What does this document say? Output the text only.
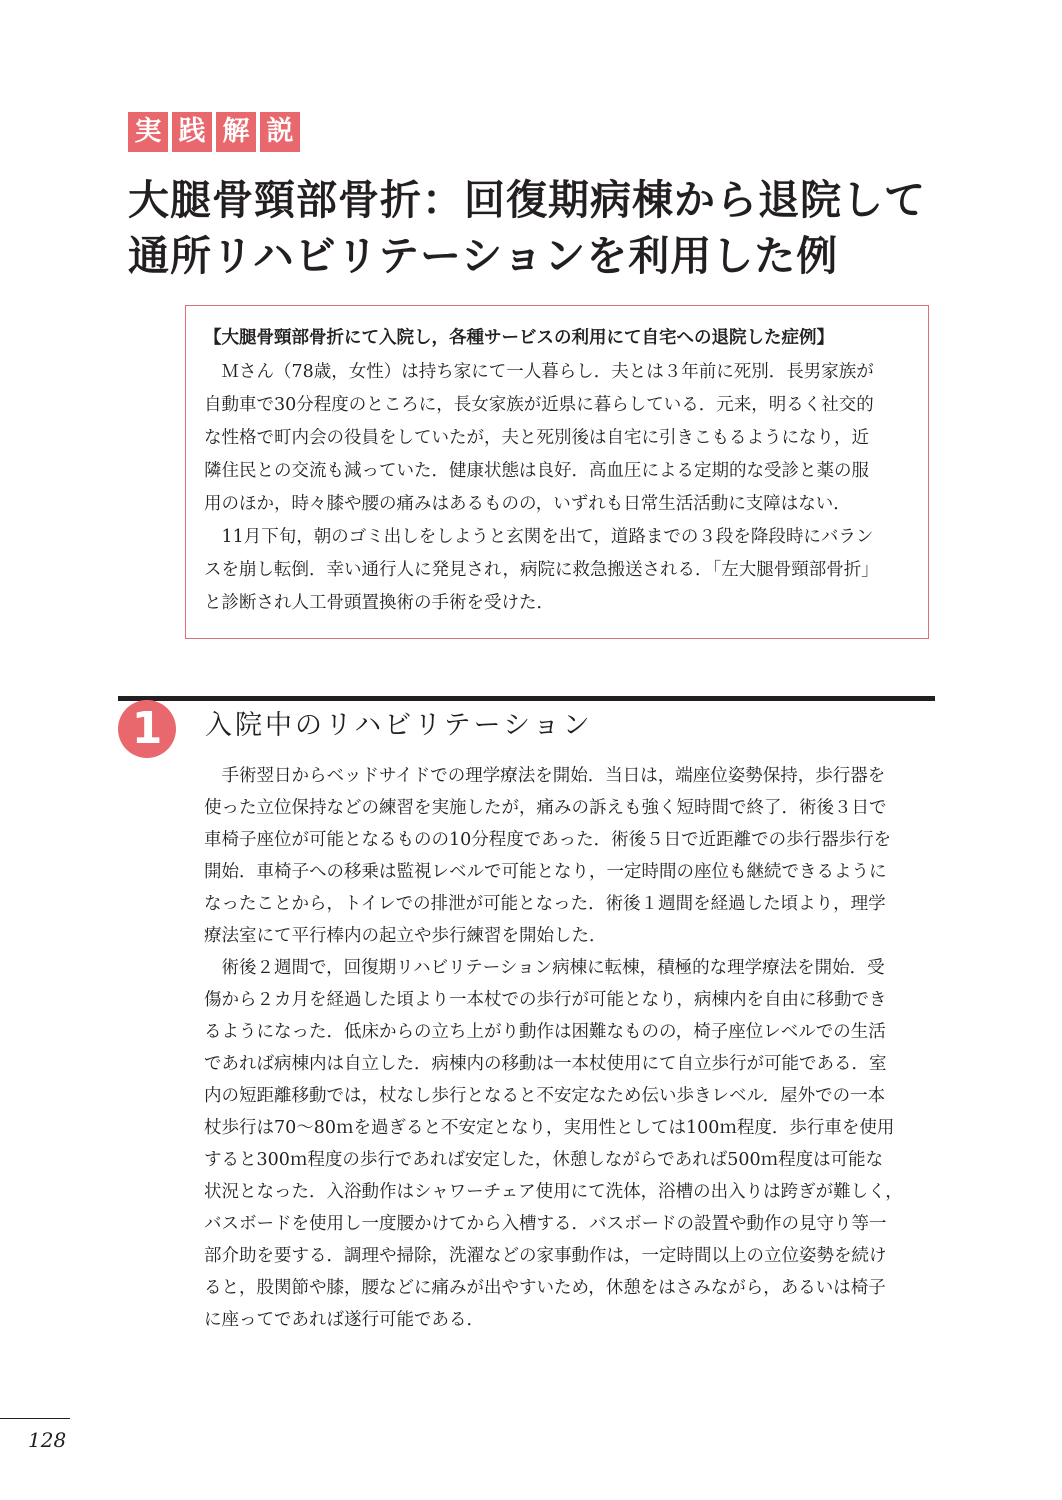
実 践 解 説
大腿骨頸部骨折：回復期病棟から退院して
通所リハビリテーションを利用した例
【大腿骨頸部骨折にて入院し，各種サービスの利用にて自宅への退院した症例】
　Ｍさん（78歳，女性）は持ち家にて一人暮らし．夫とは３年前に死別．長男家族が
自動車で30分程度のところに，長女家族が近県に暮らしている．元来，明るく社交的
な性格で町内会の役員をしていたが，夫と死別後は自宅に引きこもるようになり，近
隣住民との交流も減っていた．健康状態は良好．高血圧による定期的な受診と薬の服
用のほか，時々膝や腰の痛みはあるものの，いずれも日常生活活動に支障はない．
　11月下旬，朝のゴミ出しをしようと玄関を出て，道路までの３段を降段時にバラン
スを崩し転倒．幸い通行人に発見され，病院に救急搬送される．「左大腿骨頸部骨折」
と診断され人工骨頭置換術の手術を受けた．
1	入院中のリハビリテーション
　手術翌日からベッドサイドでの理学療法を開始．当日は，端座位姿勢保持，歩行器を
使った立位保持などの練習を実施したが，痛みの訴えも強く短時間で終了．術後３日で
車椅子座位が可能となるものの10分程度であった．術後５日で近距離での歩行器歩行を
開始．車椅子への移乗は監視レベルで可能となり，一定時間の座位も継続できるように
なったことから，トイレでの排泄が可能となった．術後１週間を経過した頃より，理学
療法室にて平行棒内の起立や歩行練習を開始した．
　術後２週間で，回復期リハビリテーション病棟に転棟，積極的な理学療法を開始．受
傷から２カ月を経過した頃より一本杖での歩行が可能となり，病棟内を自由に移動でき
るようになった．低床からの立ち上がり動作は困難なものの，椅子座位レベルでの生活
であれば病棟内は自立した．病棟内の移動は一本杖使用にて自立歩行が可能である．室
内の短距離移動では，杖なし歩行となると不安定なため伝い歩きレベル．屋外での一本
杖歩行は70～80ｍを過ぎると不安定となり，実用性としては100ｍ程度．歩行車を使用
すると300ｍ程度の歩行であれば安定した，休憩しながらであれば500ｍ程度は可能な
状況となった．入浴動作はシャワーチェア使用にて洗体，浴槽の出入りは跨ぎが難しく，
バスボードを使用し一度腰かけてから入槽する．バスボードの設置や動作の見守り等一
部介助を要する．調理や掃除，洗濯などの家事動作は，一定時間以上の立位姿勢を続け
ると，股関節や膝，腰などに痛みが出やすいため，休憩をはさみながら，あるいは椅子
に座ってであれば遂行可能である．
128
